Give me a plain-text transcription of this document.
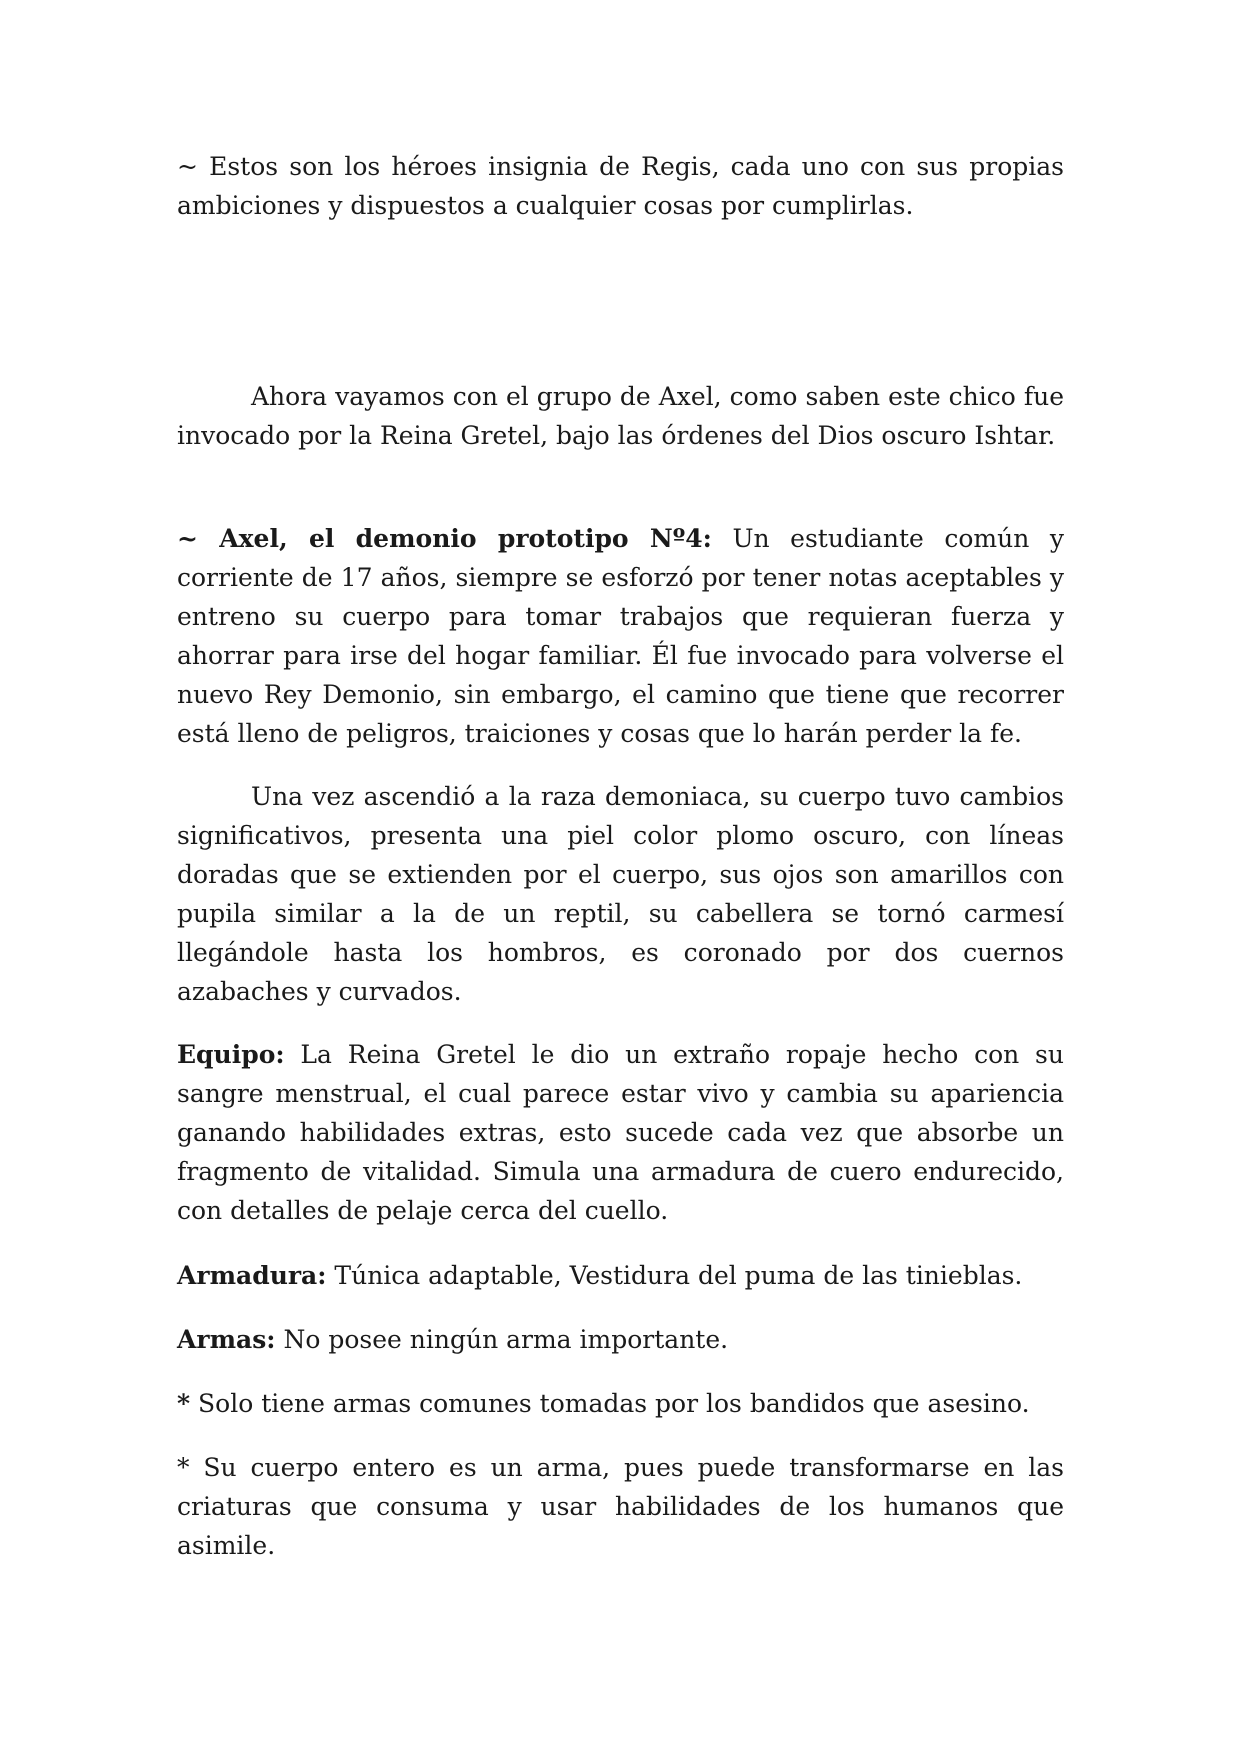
~ Estos son los héroes insignia de Regis, cada uno con sus propias ambiciones y dispuestos a cualquier cosas por cumplirlas.

Ahora vayamos con el grupo de Axel, como saben este chico fue invocado por la Reina Gretel, bajo las órdenes del Dios oscuro Ishtar.

~ Axel, el demonio prototipo Nº4: Un estudiante común y corriente de 17 años, siempre se esforzó por tener notas aceptables y entreno su cuerpo para tomar trabajos que requieran fuerza y ahorrar para irse del hogar familiar. Él fue invocado para volverse el nuevo Rey Demonio, sin embargo, el camino que tiene que recorrer está lleno de peligros, traiciones y cosas que lo harán perder la fe.

Una vez ascendió a la raza demoniaca, su cuerpo tuvo cambios significativos, presenta una piel color plomo oscuro, con líneas doradas que se extienden por el cuerpo, sus ojos son amarillos con pupila similar a la de un reptil, su cabellera se tornó carmesí llegándole hasta los hombros, es coronado por dos cuernos azabaches y curvados.

Equipo: La Reina Gretel le dio un extraño ropaje hecho con su sangre menstrual, el cual parece estar vivo y cambia su apariencia ganando habilidades extras, esto sucede cada vez que absorbe un fragmento de vitalidad. Simula una armadura de cuero endurecido, con detalles de pelaje cerca del cuello.

Armadura: Túnica adaptable, Vestidura del puma de las tinieblas.

Armas: No posee ningún arma importante.

* Solo tiene armas comunes tomadas por los bandidos que asesino.

* Su cuerpo entero es un arma, pues puede transformarse en las criaturas que consuma y usar habilidades de los humanos que asimile.
